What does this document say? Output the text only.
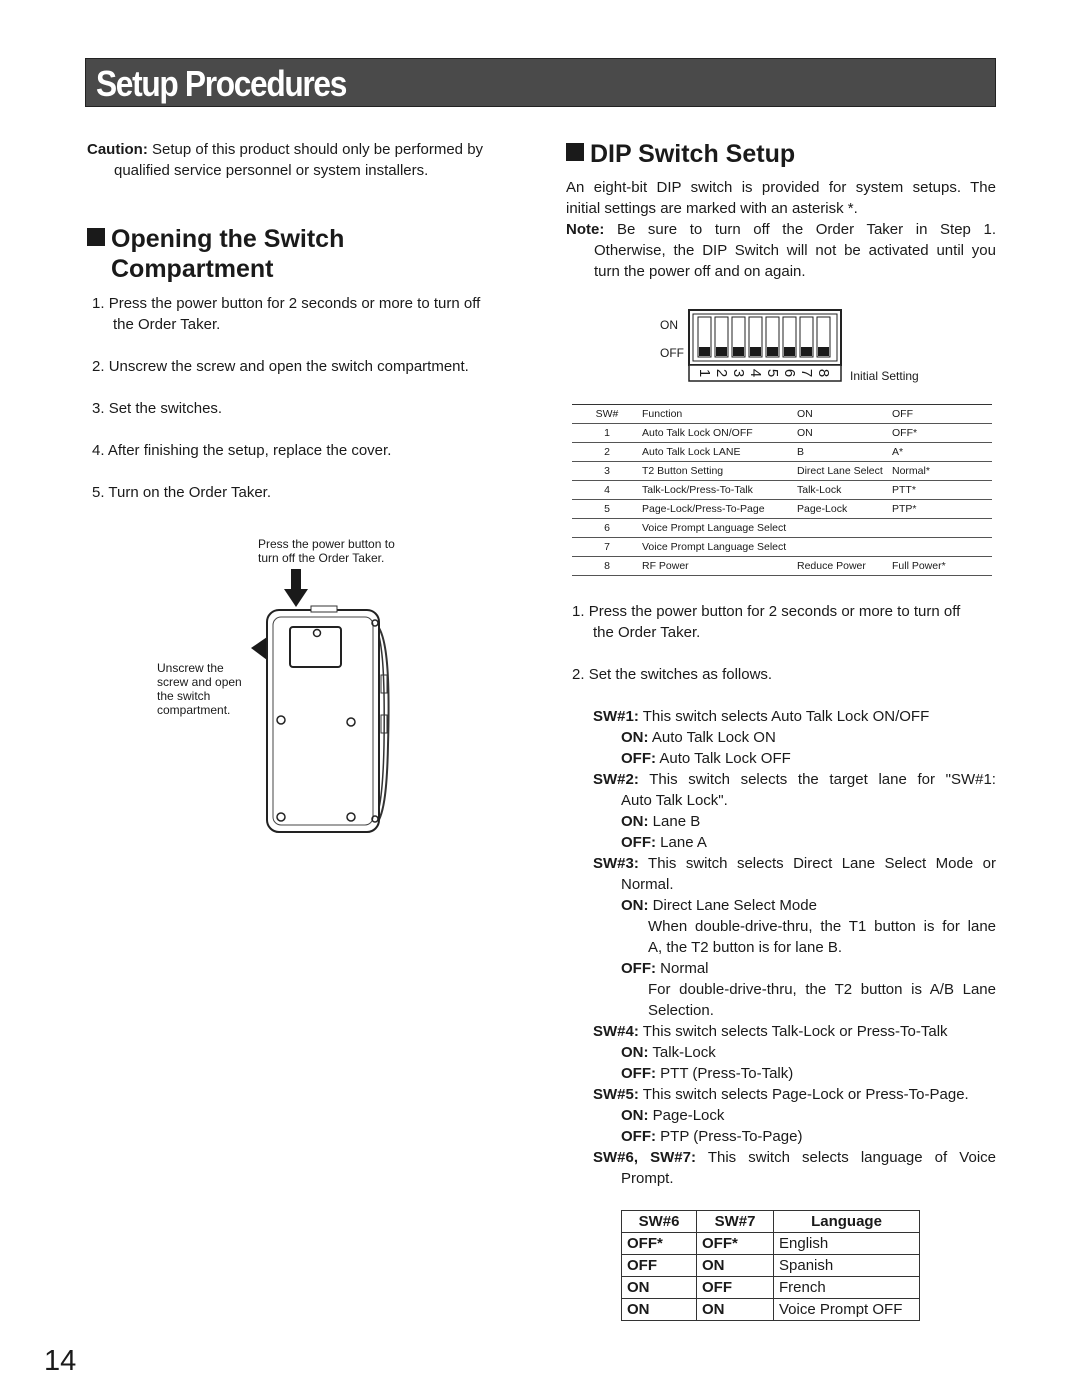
Setup Procedures
Caution: Setup of this product should only be performed by
qualified service personnel or system installers.
Opening the Switch
Compartment
1. Press the power button for 2 seconds or more to turn off
the Order Taker.
2. Unscrew the screw and open the switch compartment.
3. Set the switches.
4. After finishing the setup, replace the cover.
5. Turn on the Order Taker.
Press the power button to
turn off the Order Taker.
Unscrew the
screw and open
the switch
compartment.
DIP Switch Setup
An eight-bit DIP switch is provided for system setups. The
initial settings are marked with an asterisk *.
Note: Be sure to turn off the Order Taker in Step 1.
Otherwise, the DIP Switch will not be activated until you
turn the power off and on again.
ON
OFF
1 2 3 4 5 6 7 8 Initial Setting
SW#	Function	ON	OFF
1	Auto Talk Lock ON/OFF	ON	OFF*
2	Auto Talk Lock LANE	B	A*
3	T2 Button Setting	Direct Lane Select	Normal*
4	Talk-Lock/Press-To-Talk	Talk-Lock	PTT*
5	Page-Lock/Press-To-Page	Page-Lock	PTP*
6	Voice Prompt Language Select		
7	Voice Prompt Language Select		
8	RF Power	Reduce Power	Full Power*
1. Press the power button for 2 seconds or more to turn off
the Order Taker.
2. Set the switches as follows.
SW#1: This switch selects Auto Talk Lock ON/OFF
ON: Auto Talk Lock ON
OFF: Auto Talk Lock OFF
SW#2: This switch selects the target lane for "SW#1:
Auto Talk Lock".
ON: Lane B
OFF: Lane A
SW#3: This switch selects Direct Lane Select Mode or
Normal.
ON: Direct Lane Select Mode
When double-drive-thru, the T1 button is for lane
A, the T2 button is for lane B.
OFF: Normal
For double-drive-thru, the T2 button is A/B Lane
Selection.
SW#4: This switch selects Talk-Lock or Press-To-Talk
ON: Talk-Lock
OFF: PTT (Press-To-Talk)
SW#5: This switch selects Page-Lock or Press-To-Page.
ON: Page-Lock
OFF: PTP (Press-To-Page)
SW#6, SW#7: This switch selects language of Voice
Prompt.
SW#6	SW#7	Language
OFF*	OFF*	English
OFF	ON	Spanish
ON	OFF	French
ON	ON	Voice Prompt OFF
14
